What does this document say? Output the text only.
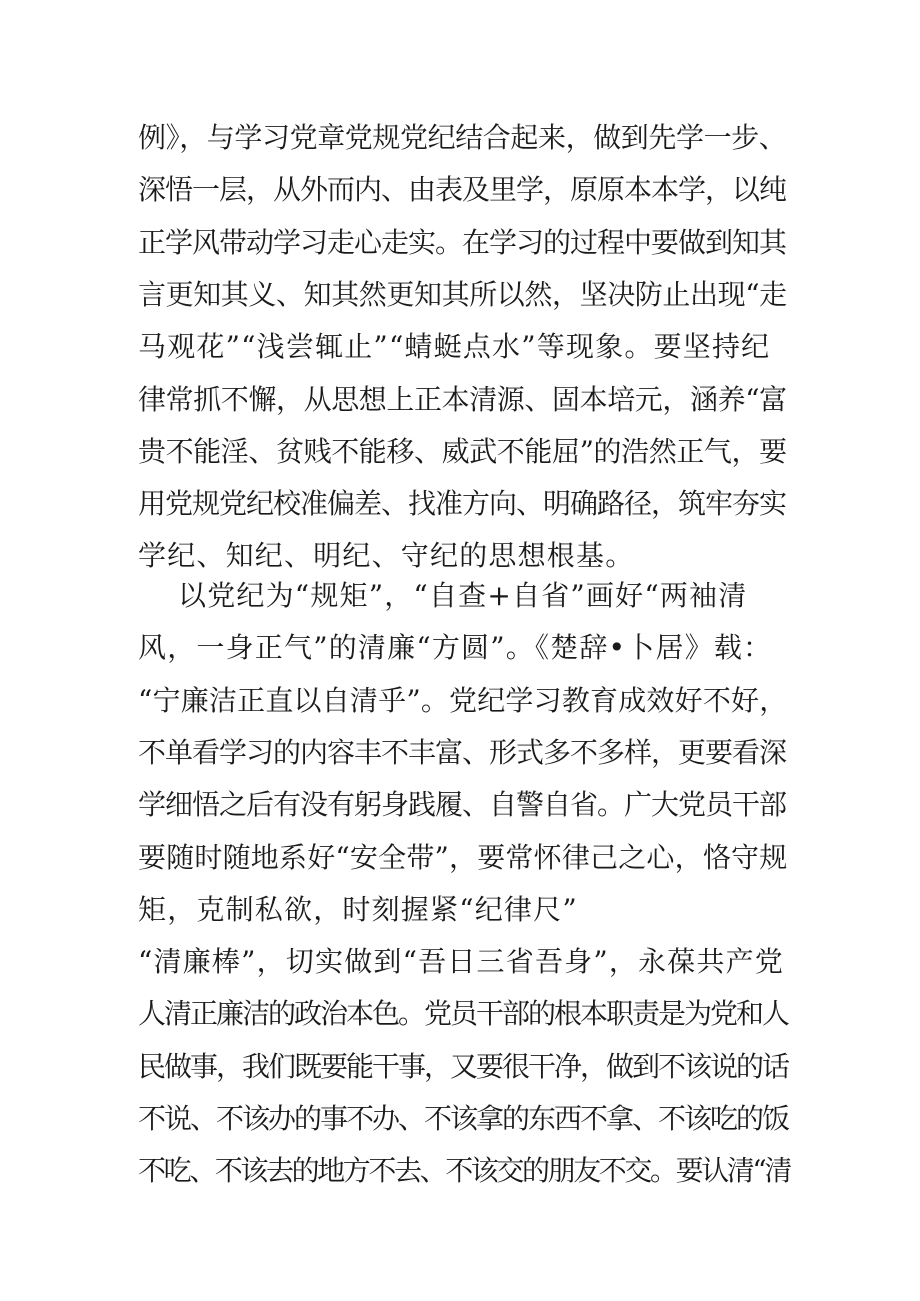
例》，与学习党章党规党纪结合起来，做到先学一步、
深悟一层，从外而内、由表及里学，原原本本学，以纯
正学风带动学习走心走实。在学习的过程中要做到知其
言更知其义、知其然更知其所以然，坚决防止出现“走
马观花”“浅尝辄止”“蜻蜓点水”等现象。要坚持纪
律常抓不懈，从思想上正本清源、固本培元，涵养“富
贵不能淫、贫贱不能移、威武不能屈”的浩然正气，要
用党规党纪校准偏差、找准方向、明确路径，筑牢夯实
学纪、知纪、明纪、守纪的思想根基。
以党纪为“规矩”，“自查+自省”画好“两袖清
风，一身正气”的清廉“方圆”。《楚辞•卜居》载：
“宁廉洁正直以自清乎”。党纪学习教育成效好不好，
不单看学习的内容丰不丰富、形式多不多样，更要看深
学细悟之后有没有躬身践履、自警自省。广大党员干部
要随时随地系好“安全带”，要常怀律己之心，恪守规
矩，克制私欲，时刻握紧“纪律尺”
“清廉棒”，切实做到“吾日三省吾身”，永葆共产党
人清正廉洁的政治本色。党员干部的根本职责是为党和人
民做事，我们既要能干事，又要很干净，做到不该说的话
不说、不该办的事不办、不该拿的东西不拿、不该吃的饭
不吃、不该去的地方不去、不该交的朋友不交。要认清“清
